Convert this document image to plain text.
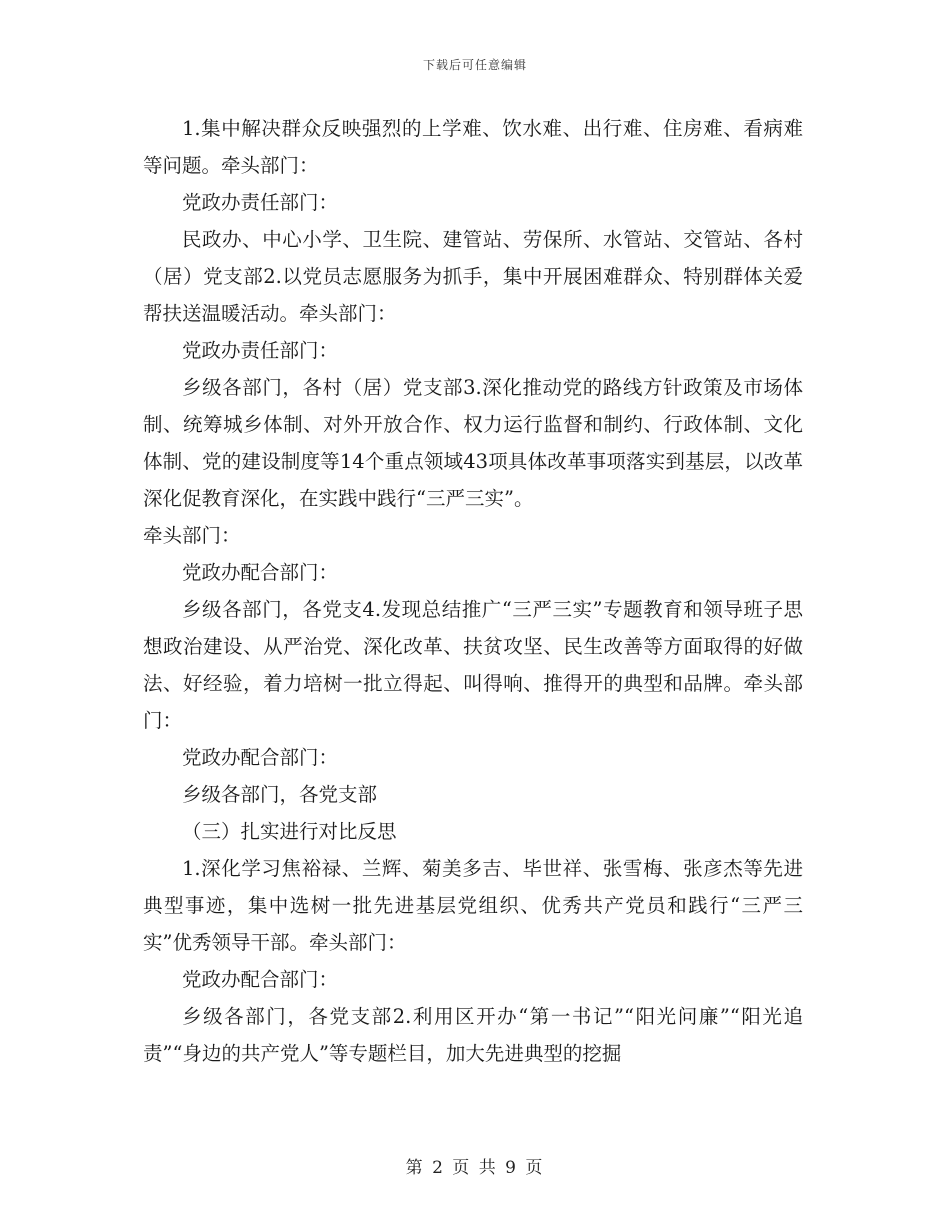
下载后可任意编辑

1.集中解决群众反映强烈的上学难、饮水难、出行难、住房难、看病难等问题。牵头部门：

党政办责任部门：

民政办、中心小学、卫生院、建管站、劳保所、水管站、交管站、各村（居）党支部2.以党员志愿服务为抓手，集中开展困难群众、特别群体关爱帮扶送温暖活动。牵头部门：

党政办责任部门：

乡级各部门，各村（居）党支部3.深化推动党的路线方针政策及市场体制、统筹城乡体制、对外开放合作、权力运行监督和制约、行政体制、文化体制、党的建设制度等14个重点领域43项具体改革事项落实到基层，以改革深化促教育深化，在实践中践行“三严三实”。

牵头部门：

党政办配合部门：

乡级各部门，各党支4.发现总结推广“三严三实”专题教育和领导班子思想政治建设、从严治党、深化改革、扶贫攻坚、民生改善等方面取得的好做法、好经验，着力培树一批立得起、叫得响、推得开的典型和品牌。牵头部门：

党政办配合部门：

乡级各部门，各党支部

（三）扎实进行对比反思

1.深化学习焦裕禄、兰辉、菊美多吉、毕世祥、张雪梅、张彦杰等先进典型事迹，集中选树一批先进基层党组织、优秀共产党员和践行“三严三实”优秀领导干部。牵头部门：

党政办配合部门：

乡级各部门，各党支部2.利用区开办“第一书记”“阳光问廉”“阳光追责”“身边的共产党人”等专题栏目，加大先进典型的挖掘

第 2 页 共 9 页
